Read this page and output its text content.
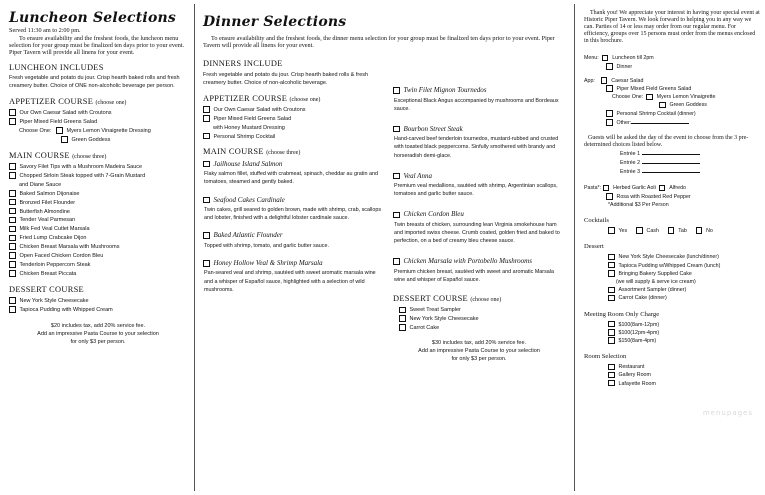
Luncheon Selections
Served 11:30 am to 2:00 pm.
To ensure availability and the freshest foods, the luncheon menu selection for your group must be finalized ten days prior to your event. Piper Tavern will provide all linens for your event.
LUNCHEON INCLUDES
Fresh vegetable and potato du jour. Crisp hearth baked rolls and fresh creamery butter. Choice of ONE non-alcoholic beverage per person.
APPETIZER COURSE (choose one)
Our Own Caesar Salad with Croutons
Piper Mixed Field Greens Salad
Choose One:	Myers Lemon Vinaigrette Dressing
Green Goddess
MAIN COURSE (choose three)
Savory Filet Tips with a Mushroom Madeira Sauce
Chopped Sirloin Steak topped with 7-Grain Mustard
and Diane Sauce
Baked Salmon Dijonaise
Bronzed Filet Flounder
Butterfish Almondine
Tender Veal Parmesan
Milk Fed Veal Cutlet Marsala
Fried Lump Crabcake Dijon
Chicken Breast Marsala with Mushrooms
Open Faced Chicken Cordon Bleu
Tenderloin Peppercorn Steak
Chicken Breast Piccata
DESSERT COURSE
New York Style Cheesecake
Tapioca Pudding with Whipped Cream
$20 includes tax, add 20% service fee.
Add an impressive Pasta Course to your selection
for only $3 per person.
Dinner Selections
To ensure availability and the freshest foods, the dinner menu selection for your group must be finalized ten days prior to your event. Piper Tavern will provide all linens for your event.
DINNERS INCLUDE
Fresh vegetable and potato du jour. Crisp hearth baked rolls & fresh creamery butter. Choice of non-alcoholic beverage.
APPETIZER COURSE (choose one)
Our Own Caesar Salad with Croutons
Piper Mixed Field Greens Salad
with Honey Mustard Dressing
Personal Shrimp Cocktail
MAIN COURSE (choose three)
Jailhouse Island Salmon
Flaky salmon fillet, stuffed with crabmeat, spinach, cheddar au gratin and tomatoes, steamed and gently baked.
Seafood Cakes Cardinale
Twin cakes, grill seared to golden brown, made with shrimp, crab, scallops and lobster, finished with a delightful lobster cardinale sauce.
Baked Atlantic Flounder
Topped with shrimp, tomato, and garlic butter sauce.
Honey Hollow Veal & Shrimp Marsala
Pan-seared veal and shrimp, sautéed with sweet aromatic marsala wine and a whisper of Español sauce, highlighted with a selection of wild mushrooms.
Twin Filet Mignon Tournedos
Exceptional Black Angus accompanied by mushrooms and Bordeaux sauce.
Bourbon Street Steak
Hand-carved beef tenderloin tournedos, mustard-rubbed and crusted with toasted black peppercorns. Sinfully smothered with brandy and horseradish demi-glace.
Veal Anna
Premium veal medallions, sautéed with shrimp, Argentinian scallops, tomatoes and garlic butter sauce.
Chicken Cordon Bleu
Twin breasts of chicken, surrounding lean Virginia smokehouse ham and imported swiss cheese. Crumb coated, golden fried and baked to perfection, on a bed of creamy bleu cheese sauce.
Chicken Marsala with Portobello Mushrooms
Premium chicken breast, sautéed with sweet and aromatic Marsala wine and whisper of Español sauce.
DESSERT COURSE (choose one)
Sweet Treat Sampler
New York Style Cheesecake
Carrot Cake
$30 includes tax, add 20% service fee.
Add an impressive Pasta Course to your selection
for only $3 per person.
Thank you! We appreciate your interest in having your special event at Historic Piper Tavern. We look forward to helping you in any way we can. Parties of 14 or less may order from our regular menu. For efficiency, groups over 15 persons must order from the menus enclosed in this brochure.
Menu:	Luncheon till 2pm
Dinner
App:	Caesar Salad
Piper Mixed Field Greens Salad
Choose One:	Myers Lemon Vinaigrette
Green Goddess
Personal Shrimp Cocktail (dinner)
Other:
Guests will be asked the day of the event to choose from the 3 pre-determined choices listed below.
Entrée 1
Entrée 2
Entrée 3
Pasta*: Herbed Garlic Aoli	Alfredo
Rosa with Roasted Red Pepper
*Additional $3 Per Person
Cocktails
Yes	Cash	Tab	No
Dessert
New York Style Cheesecake (lunch/dinner)
Tapioca Pudding w/Whipped Cream (lunch)
Bringing Bakery Supplied Cake
(we will supply & serve ice cream)
Assortment Sampler (dinner)
Carrot Cake (dinner)
Meeting Room Only Charge
$100(8am-12pm)
$100(12pm-4pm)
$150(8am-4pm)
Room Selection
Restaurant
Gallery Room
Lafayette Room
menupages
